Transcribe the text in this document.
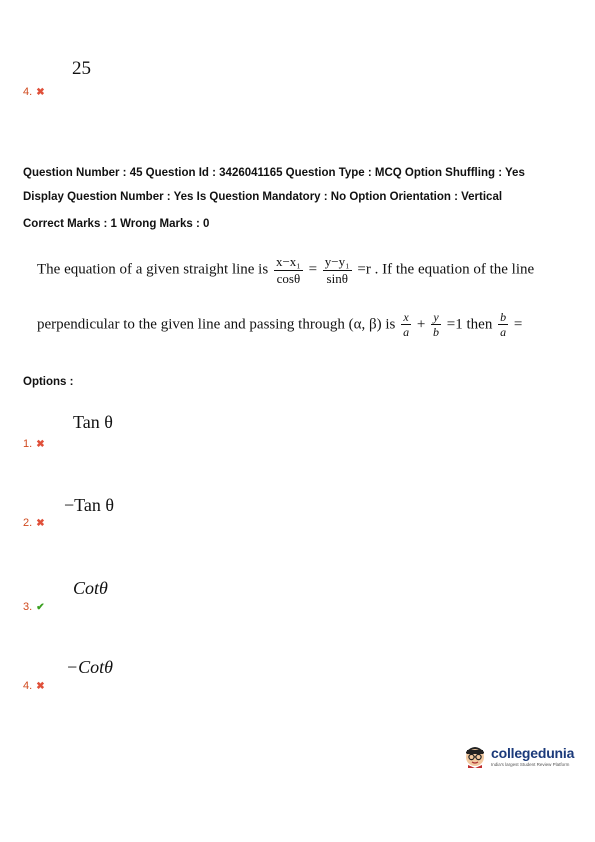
25
4. ✖
Question Number : 45 Question Id : 3426041165 Question Type : MCQ Option Shuffling : Yes
Display Question Number : Yes Is Question Mandatory : No Option Orientation : Vertical
Correct Marks : 1 Wrong Marks : 0
The equation of a given straight line is $\frac{\text{x−x₁}}{\cos\theta} = \frac{\text{y−y₁}}{\sin\theta} =r$ . If the equation of the line
perpendicular to the given line and passing through (α, β) is $\frac{x}{a} + \frac{y}{b} =1$ then $\frac{b}{a}$ =
Options :
Tan θ
1. ✖
−Tan θ
2. ✖
Cotθ
3. ✔
−Cotθ
4. ✖
collegedunia
India's largest Student Review Platform
